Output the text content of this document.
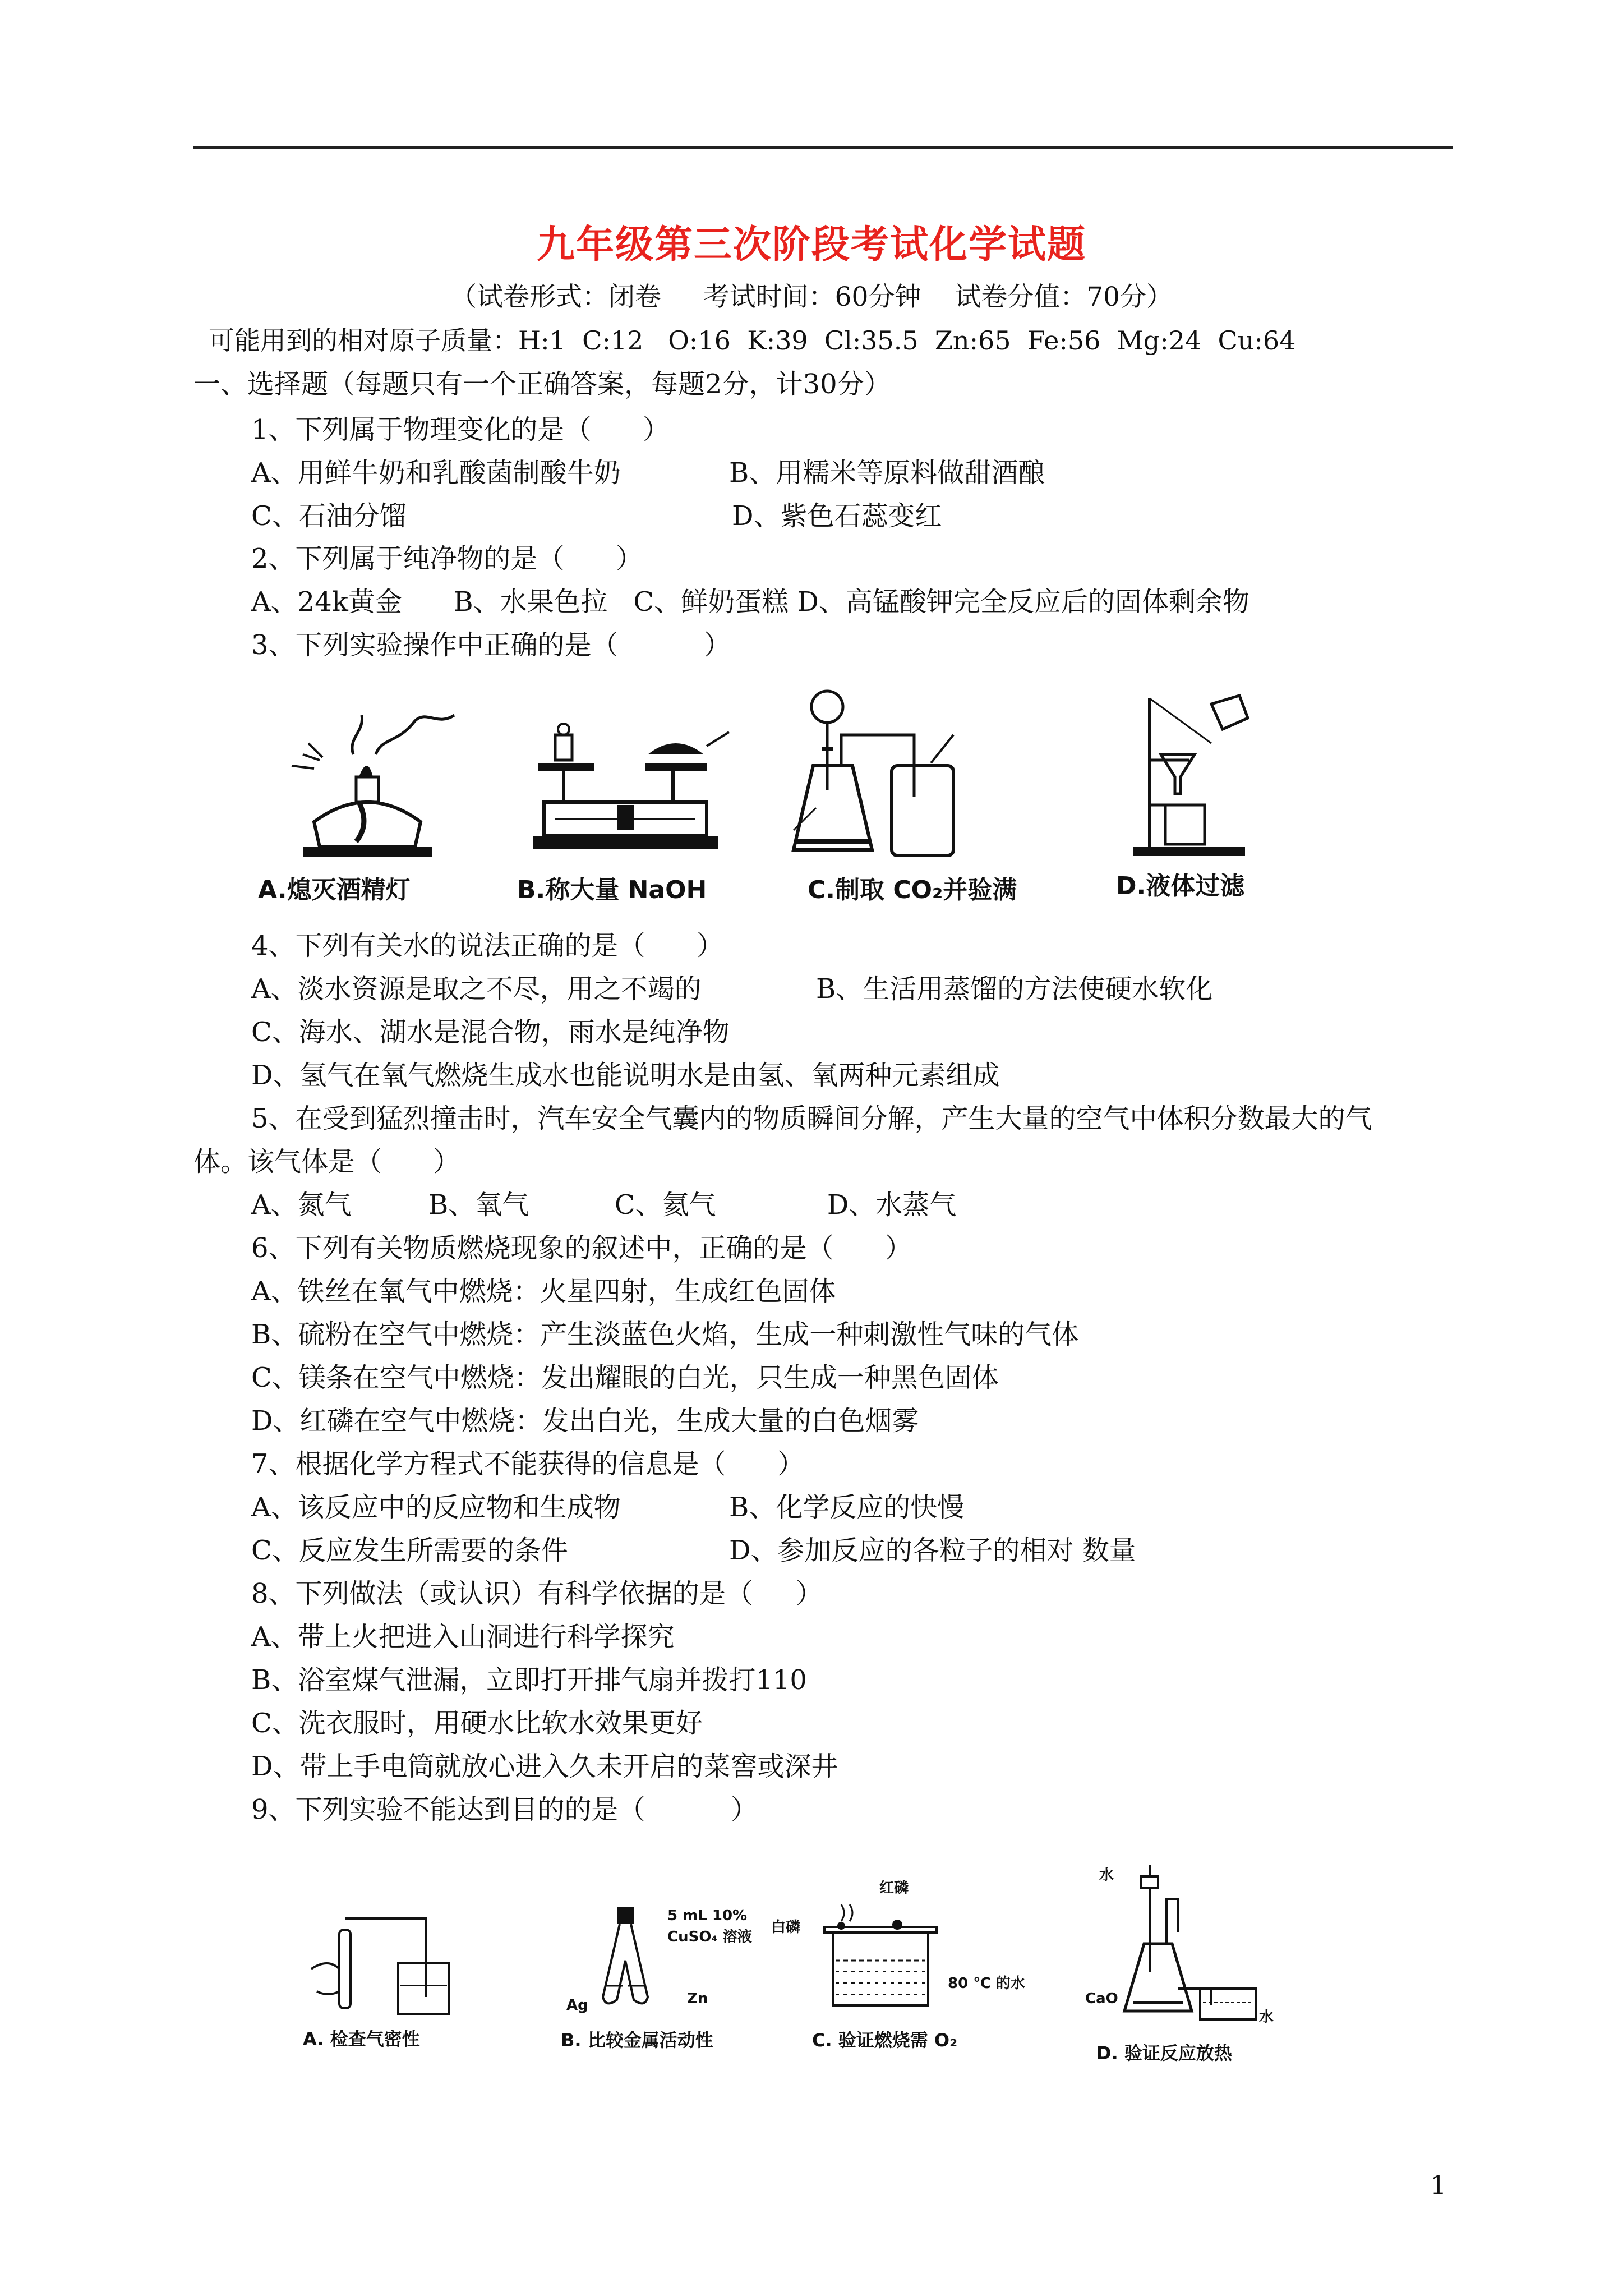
九年级第三次阶段考试化学试题
（试卷形式：闭卷     考试时间：60分钟    试卷分值：70分）
可能用到的相对原子质量：H:1  C:12   O:16  K:39  Cl:35.5  Zn:65  Fe:56  Mg:24  Cu:64
一、选择题（每题只有一个正确答案，每题2分，计30分）
1、下列属于物理变化的是（      ）
A、用鲜牛奶和乳酸菌制酸牛奶	B、用糯米等原料做甜酒酿
C、石油分馏	D、紫色石蕊变红
2、下列属于纯净物的是（      ）
A、24k黄金      B、水果色拉   C、鲜奶蛋糕 D、高锰酸钾完全反应后的固体剩余物
3、下列实验操作中正确的是（          ）
A.熄灭酒精灯	B.称大量 NaOH	C.制取 CO₂并验满	D.液体过滤
4、下列有关水的说法正确的是（      ）
A、淡水资源是取之不尽，用之不竭的	B、生活用蒸馏的方法使硬水软化
C、海水、湖水是混合物，雨水是纯净物
D、氢气在氧气燃烧生成水也能说明水是由氢、氧两种元素组成
5、在受到猛烈撞击时，汽车安全气囊内的物质瞬间分解，产生大量的空气中体积分数最大的气
体。该气体是（      ）
A、氮气         B、氧气          C、氦气             D、水蒸气
6、下列有关物质燃烧现象的叙述中，正确的是（      ）
A、铁丝在氧气中燃烧：火星四射，生成红色固体
B、硫粉在空气中燃烧：产生淡蓝色火焰，生成一种刺激性气味的气体
C、镁条在空气中燃烧：发出耀眼的白光，只生成一种黑色固体
D、红磷在空气中燃烧：发出白光，生成大量的白色烟雾
7、根据化学方程式不能获得的信息是（      ）
A、该反应中的反应物和生成物	B、化学反应的快慢
C、反应发生所需要的条件	D、参加反应的各粒子的相对 数量
8、下列做法（或认识）有科学依据的是（     ）
A、带上火把进入山洞进行科学探究
B、浴室煤气泄漏，立即打开排气扇并拨打110
C、洗衣服时，用硬水比软水效果更好
D、带上手电筒就放心进入久未开启的菜窖或深井
9、下列实验不能达到目的的是（          ）
A. 检查气密性
5 mL 10%
CuSO₄ 溶液
Ag	Zn
B. 比较金属活动性
红磷
白磷
80 ℃ 的水
C. 验证燃烧需 O₂
水
CaO
水
D. 验证反应放热
1
